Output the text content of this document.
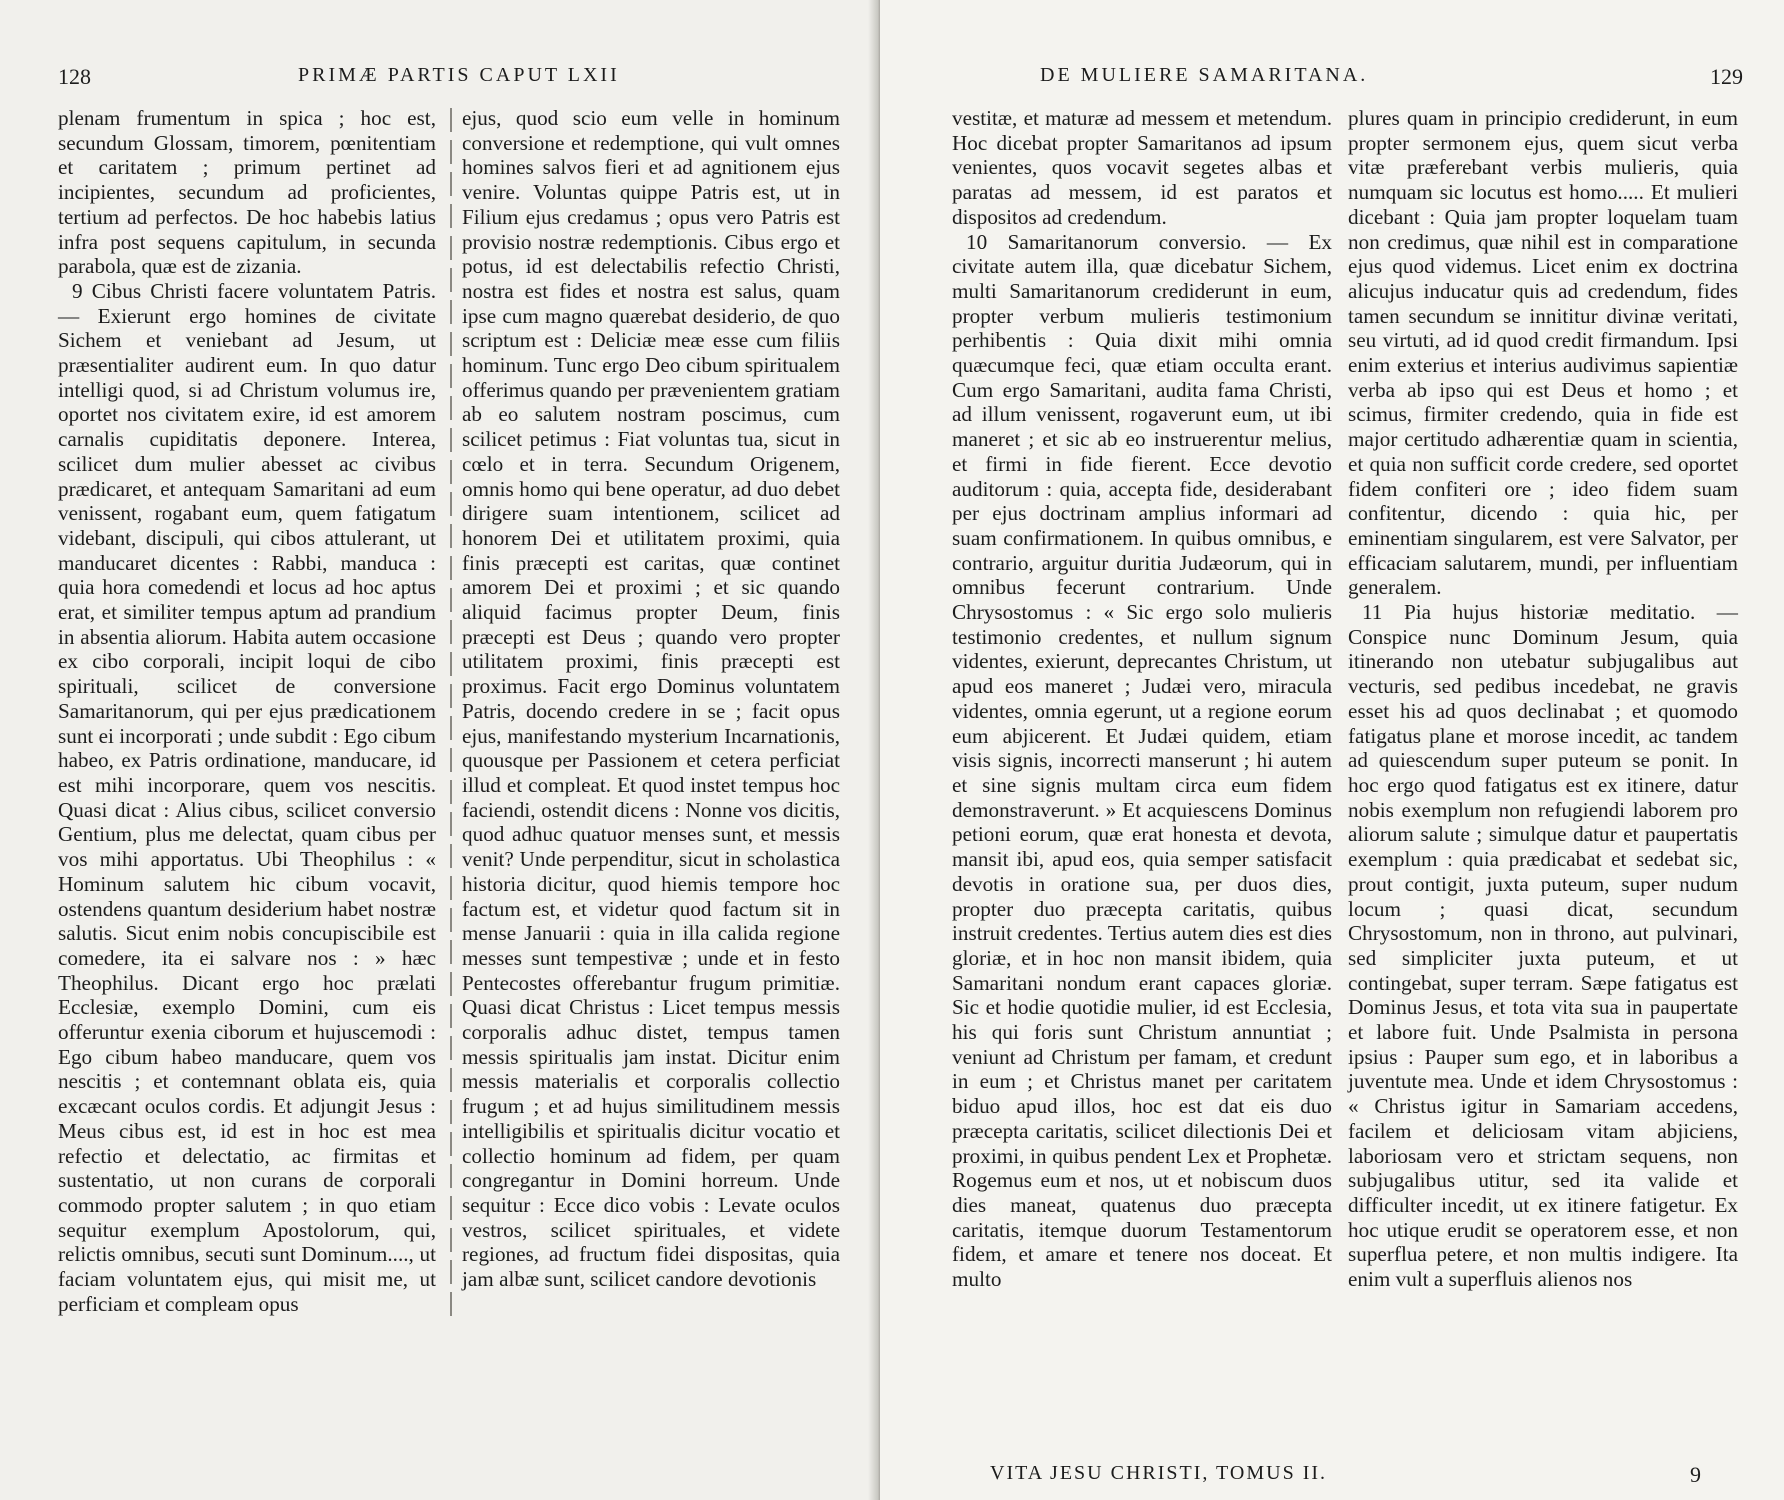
128	PRIMÆ PARTIS CAPUT LXII

plenam frumentum in spica ; hoc est, secundum Glossam, timorem, pœnitentiam et caritatem ; primum pertinet ad incipientes, secundum ad proficientes, tertium ad perfectos. De hoc habebis latius infra post sequens capitulum, in secunda parabola, quæ est de zizania.

9 Cibus Christi facere voluntatem Patris. — Exierunt ergo homines de civitate Sichem et veniebant ad Jesum, ut præsentialiter audirent eum. In quo datur intelligi quod, si ad Christum volumus ire, oportet nos civitatem exire, id est amorem carnalis cupiditatis deponere. Interea, scilicet dum mulier abesset ac civibus prædicaret, et antequam Samaritani ad eum venissent, rogabant eum, quem fatigatum videbant, discipuli, qui cibos attulerant, ut manducaret dicentes : Rabbi, manduca : quia hora comedendi et locus ad hoc aptus erat, et similiter tempus aptum ad prandium in absentia aliorum. Habita autem occasione ex cibo corporali, incipit loqui de cibo spirituali, scilicet de conversione Samaritanorum, qui per ejus prædicationem sunt ei incorporati ; unde subdit : Ego cibum habeo, ex Patris ordinatione, manducare, id est mihi incorporare, quem vos nescitis. Quasi dicat : Alius cibus, scilicet conversio Gentium, plus me delectat, quam cibus per vos mihi apportatus. Ubi Theophilus : « Hominum salutem hic cibum vocavit, ostendens quantum desiderium habet nostræ salutis. Sicut enim nobis concupiscibile est comedere, ita ei salvare nos : » hæc Theophilus. Dicant ergo hoc prælati Ecclesiæ, exemplo Domini, cum eis offeruntur exenia ciborum et hujuscemodi : Ego cibum habeo manducare, quem vos nescitis ; et contemnant oblata eis, quia excæcant oculos cordis. Et adjungit Jesus : Meus cibus est, id est in hoc est mea refectio et delectatio, ac firmitas et sustentatio, ut non curans de corporali commodo propter salutem ; in quo etiam sequitur exemplum Apostolorum, qui, relictis omnibus, secuti sunt Dominum...., ut faciam voluntatem ejus, qui misit me, ut perficiam et compleam opus

ejus, quod scio eum velle in hominum conversione et redemptione, qui vult omnes homines salvos fieri et ad agnitionem ejus venire. Voluntas quippe Patris est, ut in Filium ejus credamus ; opus vero Patris est provisio nostræ redemptionis. Cibus ergo et potus, id est delectabilis refectio Christi, nostra est fides et nostra est salus, quam ipse cum magno quærebat desiderio, de quo scriptum est : Deliciæ meæ esse cum filiis hominum. Tunc ergo Deo cibum spiritualem offerimus quando per prævenientem gratiam ab eo salutem nostram poscimus, cum scilicet petimus : Fiat voluntas tua, sicut in cœlo et in terra. Secundum Origenem, omnis homo qui bene operatur, ad duo debet dirigere suam intentionem, scilicet ad honorem Dei et utilitatem proximi, quia finis præcepti est caritas, quæ continet amorem Dei et proximi ; et sic quando aliquid facimus propter Deum, finis præcepti est Deus ; quando vero propter utilitatem proximi, finis præcepti est proximus. Facit ergo Dominus voluntatem Patris, docendo credere in se ; facit opus ejus, manifestando mysterium Incarnationis, quousque per Passionem et cetera perficiat illud et compleat. Et quod instet tempus hoc faciendi, ostendit dicens : Nonne vos dicitis, quod adhuc quatuor menses sunt, et messis venit? Unde perpenditur, sicut in scholastica historia dicitur, quod hiemis tempore hoc factum est, et videtur quod factum sit in mense Januarii : quia in illa calida regione messes sunt tempestivæ ; unde et in festo Pentecostes offerebantur frugum primitiæ. Quasi dicat Christus : Licet tempus messis corporalis adhuc distet, tempus tamen messis spiritualis jam instat. Dicitur enim messis materialis et corporalis collectio frugum ; et ad hujus similitudinem messis intelligibilis et spiritualis dicitur vocatio et collectio hominum ad fidem, per quam congregantur in Domini horreum. Unde sequitur : Ecce dico vobis : Levate oculos vestros, scilicet spirituales, et videte regiones, ad fructum fidei dispositas, quia jam albæ sunt, scilicet candore devotionis

DE MULIERE SAMARITANA.	129

vestitæ, et maturæ ad messem et metendum. Hoc dicebat propter Samaritanos ad ipsum venientes, quos vocavit segetes albas et paratas ad messem, id est paratos et dispositos ad credendum.

10 Samaritanorum conversio. — Ex civitate autem illa, quæ dicebatur Sichem, multi Samaritanorum crediderunt in eum, propter verbum mulieris testimonium perhibentis : Quia dixit mihi omnia quæcumque feci, quæ etiam occulta erant. Cum ergo Samaritani, audita fama Christi, ad illum venissent, rogaverunt eum, ut ibi maneret ; et sic ab eo instruerentur melius, et firmi in fide fierent. Ecce devotio auditorum : quia, accepta fide, desiderabant per ejus doctrinam amplius informari ad suam confirmationem. In quibus omnibus, e contrario, arguitur duritia Judæorum, qui in omnibus fecerunt contrarium. Unde Chrysostomus : « Sic ergo solo mulieris testimonio credentes, et nullum signum videntes, exierunt, deprecantes Christum, ut apud eos maneret ; Judæi vero, miracula videntes, omnia egerunt, ut a regione eorum eum abjicerent. Et Judæi quidem, etiam visis signis, incorrecti manserunt ; hi autem et sine signis multam circa eum fidem demonstraverunt. » Et acquiescens Dominus petioni eorum, quæ erat honesta et devota, mansit ibi, apud eos, quia semper satisfacit devotis in oratione sua, per duos dies, propter duo præcepta caritatis, quibus instruit credentes. Tertius autem dies est dies gloriæ, et in hoc non mansit ibidem, quia Samaritani nondum erant capaces gloriæ. Sic et hodie quotidie mulier, id est Ecclesia, his qui foris sunt Christum annuntiat ; veniunt ad Christum per famam, et credunt in eum ; et Christus manet per caritatem biduo apud illos, hoc est dat eis duo præcepta caritatis, scilicet dilectionis Dei et proximi, in quibus pendent Lex et Prophetæ. Rogemus eum et nos, ut et nobiscum duos dies maneat, quatenus duo præcepta caritatis, itemque duorum Testamentorum fidem, et amare et tenere nos doceat. Et multo

plures quam in principio crediderunt, in eum propter sermonem ejus, quem sicut verba vitæ præferebant verbis mulieris, quia numquam sic locutus est homo..... Et mulieri dicebant : Quia jam propter loquelam tuam non credimus, quæ nihil est in comparatione ejus quod videmus. Licet enim ex doctrina alicujus inducatur quis ad credendum, fides tamen secundum se innititur divinæ veritati, seu virtuti, ad id quod credit firmandum. Ipsi enim exterius et interius audivimus sapientiæ verba ab ipso qui est Deus et homo ; et scimus, firmiter credendo, quia in fide est major certitudo adhærentiæ quam in scientia, et quia non sufficit corde credere, sed oportet fidem confiteri ore ; ideo fidem suam confitentur, dicendo : quia hic, per eminentiam singularem, est vere Salvator, per efficaciam salutarem, mundi, per influentiam generalem.

11 Pia hujus historiæ meditatio. — Conspice nunc Dominum Jesum, quia itinerando non utebatur subjugalibus aut vecturis, sed pedibus incedebat, ne gravis esset his ad quos declinabat ; et quomodo fatigatus plane et morose incedit, ac tandem ad quiescendum super puteum se ponit. In hoc ergo quod fatigatus est ex itinere, datur nobis exemplum non refugiendi laborem pro aliorum salute ; simulque datur et paupertatis exemplum : quia prædicabat et sedebat sic, prout contigit, juxta puteum, super nudum locum ; quasi dicat, secundum Chrysostomum, non in throno, aut pulvinari, sed simpliciter juxta puteum, et ut contingebat, super terram. Sæpe fatigatus est Dominus Jesus, et tota vita sua in paupertate et labore fuit. Unde Psalmista in persona ipsius : Pauper sum ego, et in laboribus a juventute mea. Unde et idem Chrysostomus : « Christus igitur in Samariam accedens, facilem et deliciosam vitam abjiciens, laboriosam vero et strictam sequens, non subjugalibus utitur, sed ita valide et difficulter incedit, ut ex itinere fatigetur. Ex hoc utique erudit se operatorem esse, et non superflua petere, et non multis indigere. Ita enim vult a superfluis alienos nos

VITA JESU CHRISTI, TOMUS II.	9
